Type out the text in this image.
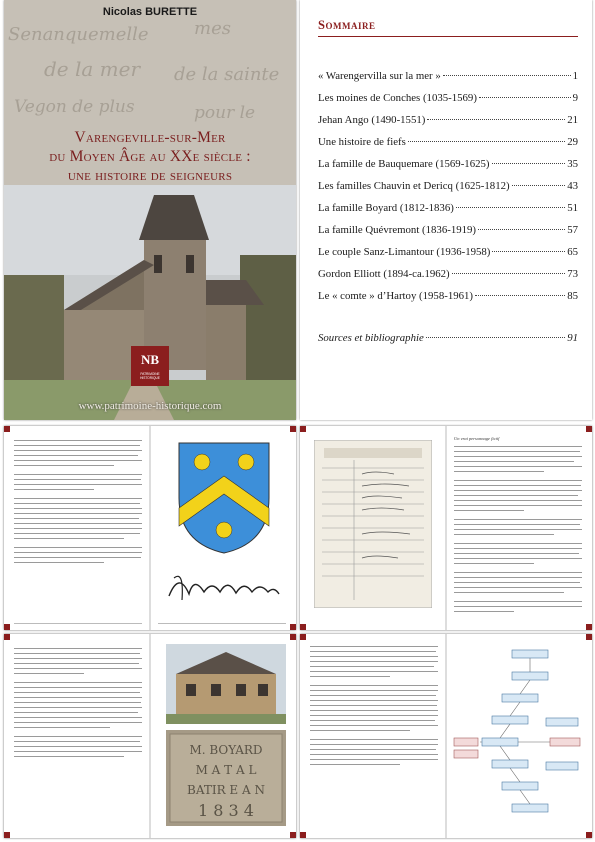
Senanquemelle	mes
de la mer de la sainte
Vegon de plus	pour le
Nicolas BURETTE
Varengeville-sur-Mer
du Moyen Âge au XXe siècle :
une histoire de seigneurs
NB
PATRIMOINE HISTORIQUE
www.patrimoine-historique.com
Sommaire
« Warengervilla sur la mer »	1
Les moines de Conches (1035-1569)	9
Jehan Ango (1490-1551)	21
Une histoire de fiefs	29
La famille de Bauquemare (1569-1625)	35
Les familles Chauvin et Dericq (1625-1812)	43
La famille Boyard (1812-1836)	51
La famille Quévremont (1836-1919)	57
Le couple Sanz-Limantour (1936-1958)	65
Gordon Elliott (1894-ca.1962)	73
Le « comte » d’Hartoy (1958-1961)	85
Sources et bibliographie	91
Un vrai personnage fictif
M. BOYARD
M A T A L
BATIR E A N
1 8 3 4
